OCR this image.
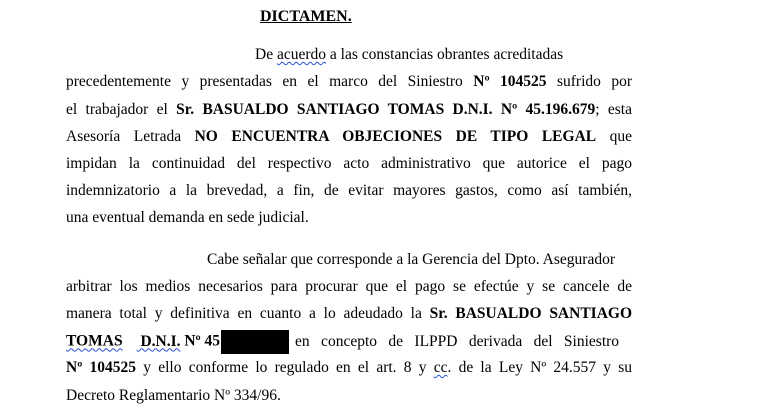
DICTAMEN.
De acuerdo a las constancias obrantes acreditadas
precedentemente y presentadas en el marco del Siniestro Nº 104525 sufrido por
el trabajador el Sr. BASUALDO SANTIAGO TOMAS D.N.I. Nº 45.196.679; esta
Asesoría Letrada NO ENCUENTRA OBJECIONES DE TIPO LEGAL que
impidan la continuidad del respectivo acto administrativo que autorice el pago
indemnizatorio a la brevedad, a fin, de evitar mayores gastos, como así también,
una eventual demanda en sede judicial.
Cabe señalar que corresponde a la Gerencia del Dpto. Asegurador
arbitrar los medios necesarios para procurar que el pago se efectúe y se cancele de
manera total y definitiva en cuanto a lo adeudado la Sr. BASUALDO SANTIAGO
TOMAS D.N.I. Nº 45	en concepto de ILPPD derivada del Siniestro
Nº 104525 y ello conforme lo regulado en el art. 8 y cc. de la Ley Nº 24.557 y su
Decreto Reglamentario Nº 334/96.
